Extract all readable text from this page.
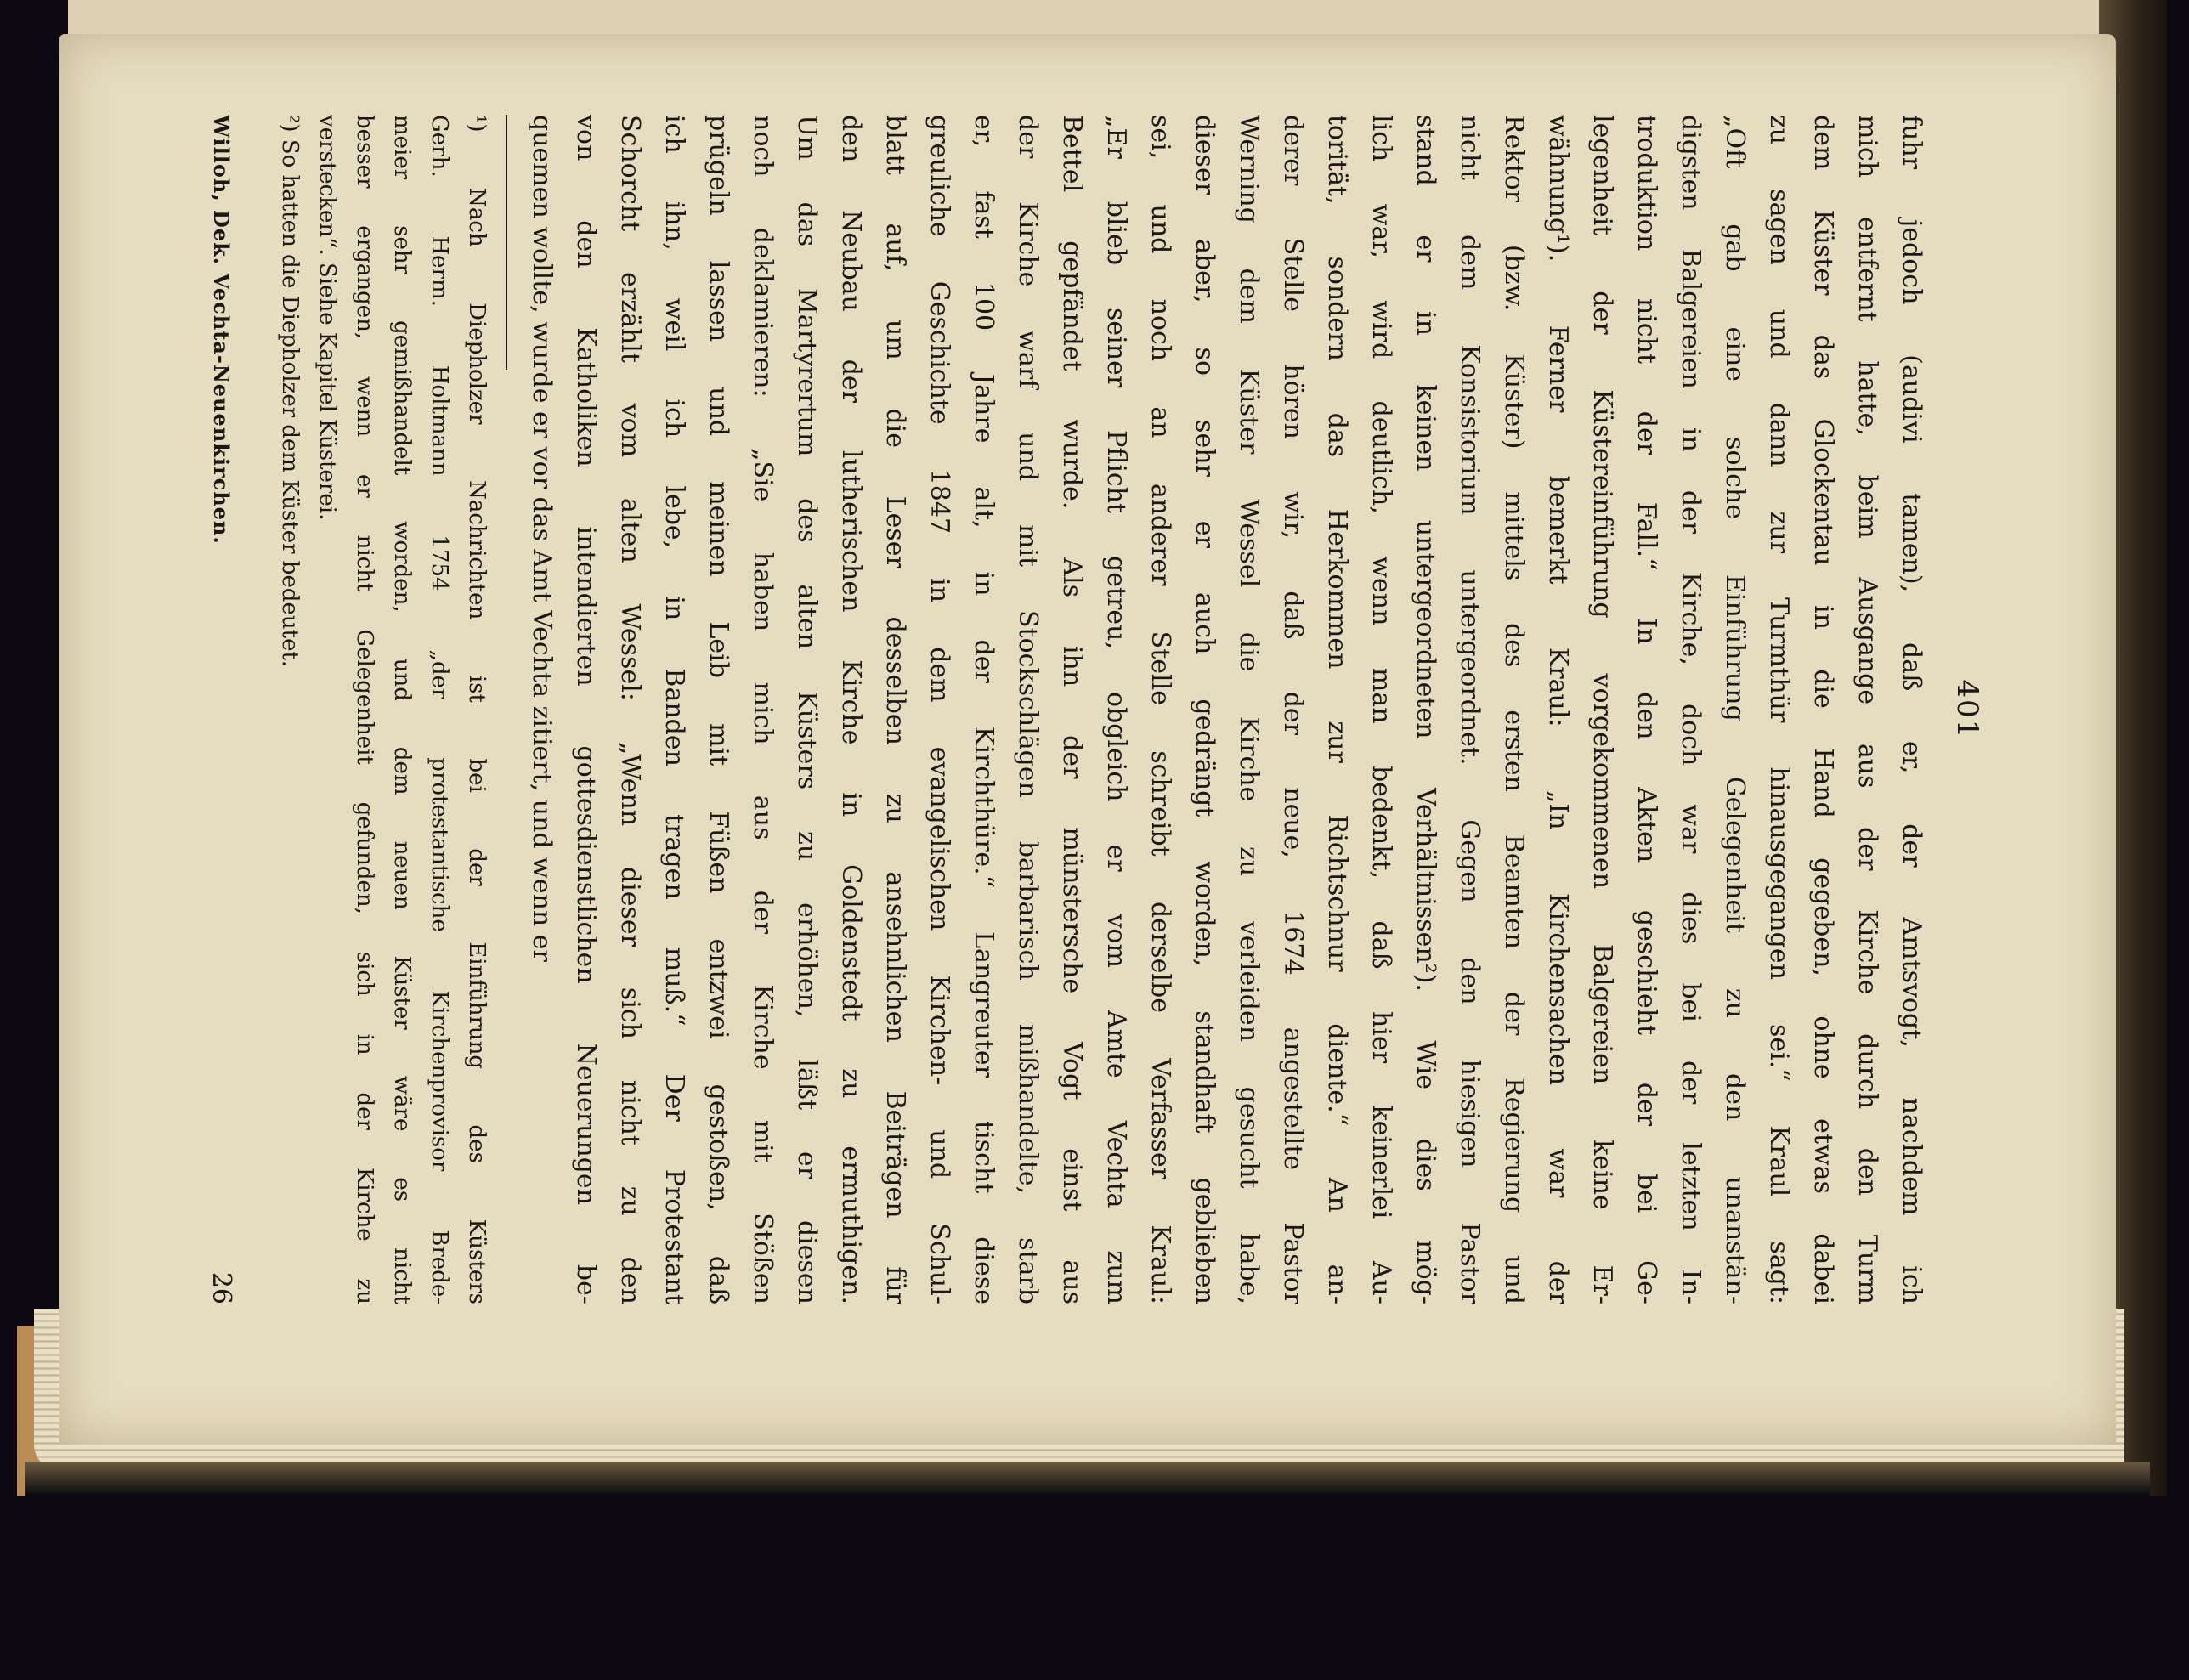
401
fuhr jedoch (audivi tamen), daß er, der Amtsvogt, nachdem ich
mich entfernt hatte, beim Ausgange aus der Kirche durch den Turm
dem Küster das Glockentau in die Hand gegeben, ohne etwas dabei
zu sagen und dann zur Turmthür hinausgegangen sei.“ Kraul sagt:
„Oft gab eine solche Einführung Gelegenheit zu den unanstän-
digsten Balgereien in der Kirche, doch war dies bei der letzten In-
troduktion nicht der Fall.“ In den Akten geschieht der bei Ge-
legenheit der Küstereinführung vorgekommenen Balgereien keine Er-
wähnung¹). Ferner bemerkt Kraul: „In Kirchensachen war der
Rektor (bzw. Küster) mittels des ersten Beamten der Regierung und
nicht dem Konsistorium untergeordnet. Gegen den hiesigen Pastor
stand er in keinen untergeordneten Verhältnissen²). Wie dies mög-
lich war, wird deutlich, wenn man bedenkt, daß hier keinerlei Au-
torität, sondern das Herkommen zur Richtschnur diente.“ An an-
derer Stelle hören wir, daß der neue, 1674 angestellte Pastor
Werning dem Küster Wessel die Kirche zu verleiden gesucht habe,
dieser aber, so sehr er auch gedrängt worden, standhaft geblieben
sei, und noch an anderer Stelle schreibt derselbe Verfasser Kraul:
„Er blieb seiner Pflicht getreu, obgleich er vom Amte Vechta zum
Bettel gepfändet wurde. Als ihn der münstersche Vogt einst aus
der Kirche warf und mit Stockschlägen barbarisch mißhandelte, starb
er, fast 100 Jahre alt, in der Kirchthüre.“ Langreuter tischt diese
greuliche Geschichte 1847 in dem evangelischen Kirchen- und Schul-
blatt auf, um die Leser desselben zu ansehnlichen Beiträgen für
den Neubau der lutherischen Kirche in Goldenstedt zu ermuthigen.
Um das Martyrertum des alten Küsters zu erhöhen, läßt er diesen
noch deklamieren: „Sie haben mich aus der Kirche mit Stößen
prügeln lassen und meinen Leib mit Füßen entzwei gestoßen, daß
ich ihn, weil ich lebe, in Banden tragen muß.“ Der Protestant
Schorcht erzählt vom alten Wessel: „Wenn dieser sich nicht zu den
von den Katholiken intendierten gottesdienstlichen Neuerungen be-
quemen wollte, wurde er vor das Amt Vechta zitiert, und wenn er
¹) Nach Diepholzer Nachrichten ist bei der Einführung des Küsters
Gerh. Herm. Holtmann 1754 „der protestantische Kirchenprovisor Brede-
meier sehr gemißhandelt worden, und dem neuen Küster wäre es nicht
besser ergangen, wenn er nicht Gelegenheit gefunden, sich in der Kirche zu
verstecken“. Siehe Kapitel Küsterei.
²) So hatten die Diepholzer dem Küster bedeutet.
Willoh, Dek. Vechta-Neuenkirchen.
26
